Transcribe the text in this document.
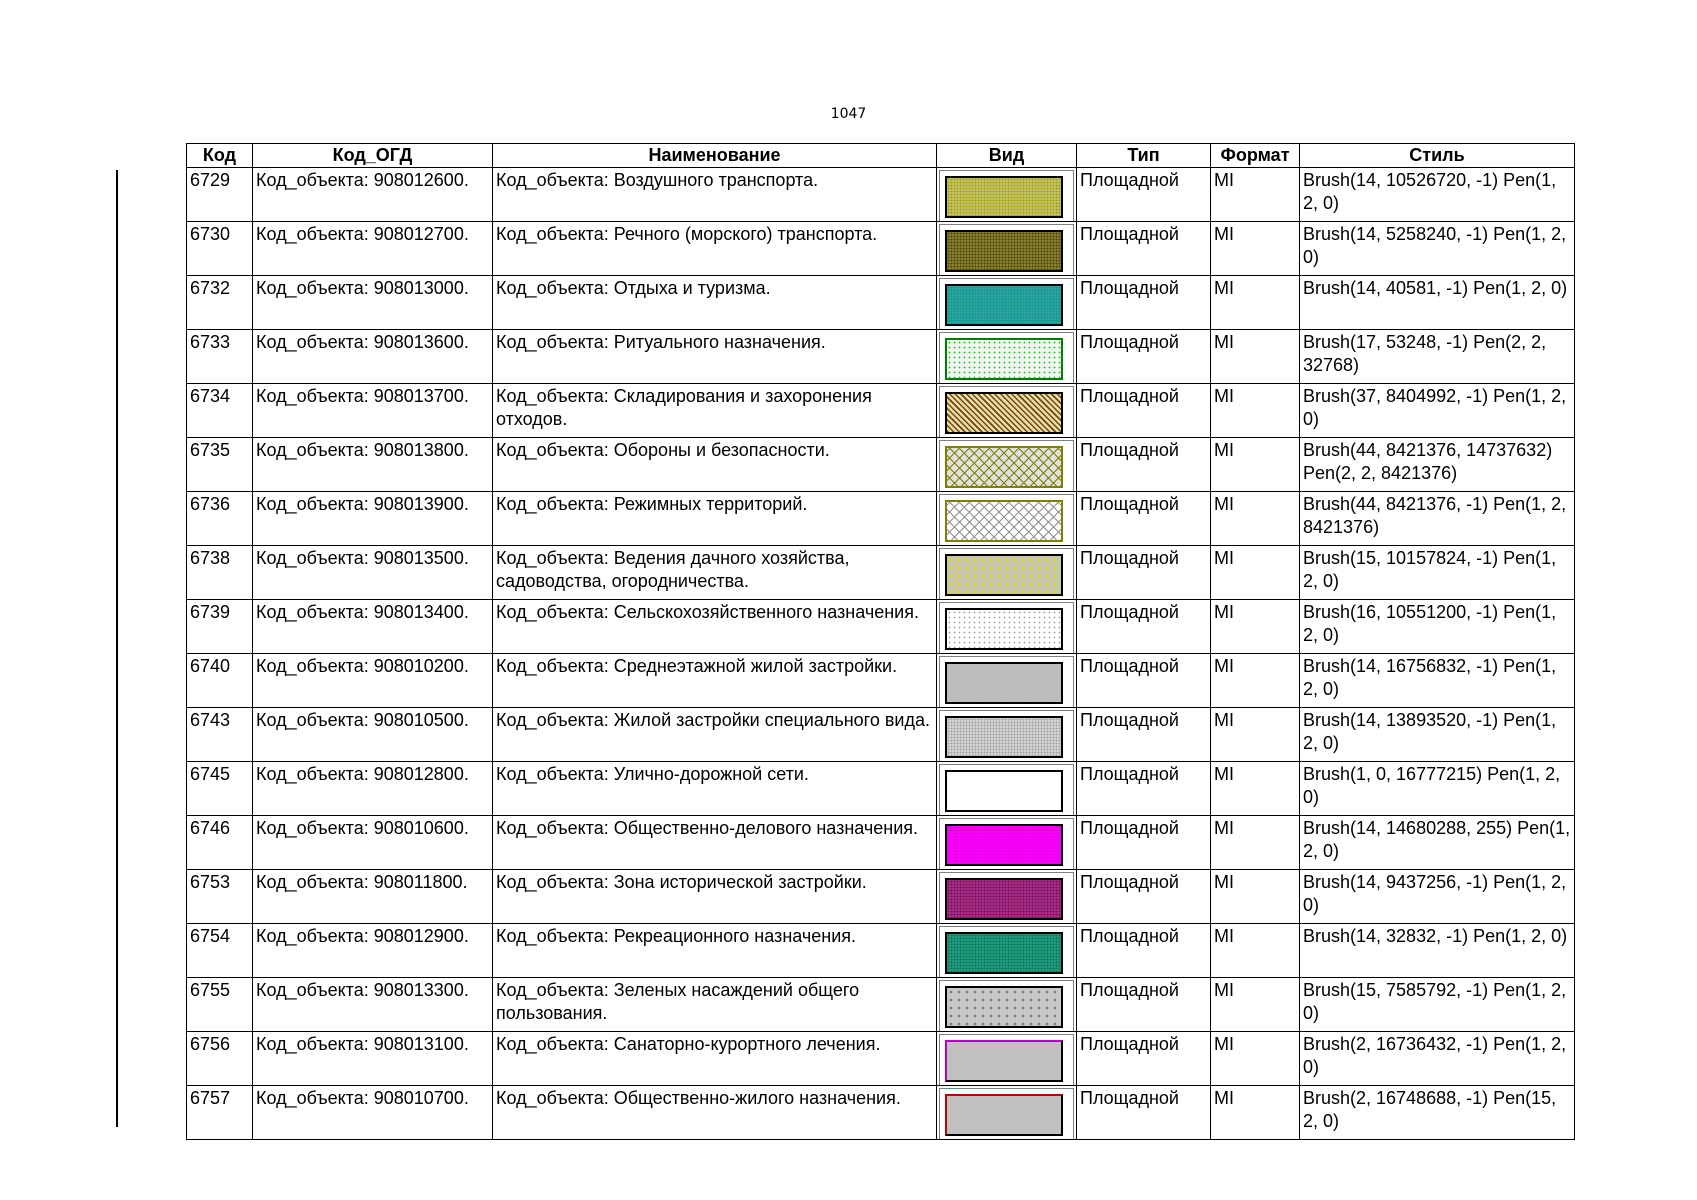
1047
Код	Код_ОГД	Наименование	Вид	Тип	Формат	Стиль
6729	Код_объекта: 908012600.	Код_объекта: Воздушного транспорта.		Площадной	MI	Brush(14, 10526720, -1) Pen(1, 2, 0)
6730	Код_объекта: 908012700.	Код_объекта: Речного (морского) транспорта.		Площадной	MI	Brush(14, 5258240, -1) Pen(1, 2, 0)
6732	Код_объекта: 908013000.	Код_объекта: Отдыха и туризма.		Площадной	MI	Brush(14, 40581, -1) Pen(1, 2, 0)
6733	Код_объекта: 908013600.	Код_объекта: Ритуального назначения.		Площадной	MI	Brush(17, 53248, -1) Pen(2, 2, 32768)
6734	Код_объекта: 908013700.	Код_объекта: Складирования и захоронения отходов.		Площадной	MI	Brush(37, 8404992, -1) Pen(1, 2, 0)
6735	Код_объекта: 908013800.	Код_объекта: Обороны и безопасности.		Площадной	MI	Brush(44, 8421376, 14737632) Pen(2, 2, 8421376)
6736	Код_объекта: 908013900.	Код_объекта: Режимных территорий.		Площадной	MI	Brush(44, 8421376, -1) Pen(1, 2, 8421376)
6738	Код_объекта: 908013500.	Код_объекта: Ведения дачного хозяйства, садоводства, огородничества.		Площадной	MI	Brush(15, 10157824, -1) Pen(1, 2, 0)
6739	Код_объекта: 908013400.	Код_объекта: Сельскохозяйственного назначения.		Площадной	MI	Brush(16, 10551200, -1) Pen(1, 2, 0)
6740	Код_объекта: 908010200.	Код_объекта: Среднеэтажной жилой застройки.		Площадной	MI	Brush(14, 16756832, -1) Pen(1, 2, 0)
6743	Код_объекта: 908010500.	Код_объекта: Жилой застройки специального вида.		Площадной	MI	Brush(14, 13893520, -1) Pen(1, 2, 0)
6745	Код_объекта: 908012800.	Код_объекта: Улично-дорожной сети.		Площадной	MI	Brush(1, 0, 16777215) Pen(1, 2, 0)
6746	Код_объекта: 908010600.	Код_объекта: Общественно-делового назначения.		Площадной	MI	Brush(14, 14680288, 255) Pen(1, 2, 0)
6753	Код_объекта: 908011800.	Код_объекта: Зона исторической застройки.		Площадной	MI	Brush(14, 9437256, -1) Pen(1, 2, 0)
6754	Код_объекта: 908012900.	Код_объекта: Рекреационного назначения.		Площадной	MI	Brush(14, 32832, -1) Pen(1, 2, 0)
6755	Код_объекта: 908013300.	Код_объекта: Зеленых насаждений общего пользования.		Площадной	MI	Brush(15, 7585792, -1) Pen(1, 2, 0)
6756	Код_объекта: 908013100.	Код_объекта: Санаторно-курортного лечения.		Площадной	MI	Brush(2, 16736432, -1) Pen(1, 2, 0)
6757	Код_объекта: 908010700.	Код_объекта: Общественно-жилого назначения.		Площадной	MI	Brush(2, 16748688, -1) Pen(15, 2, 0)
